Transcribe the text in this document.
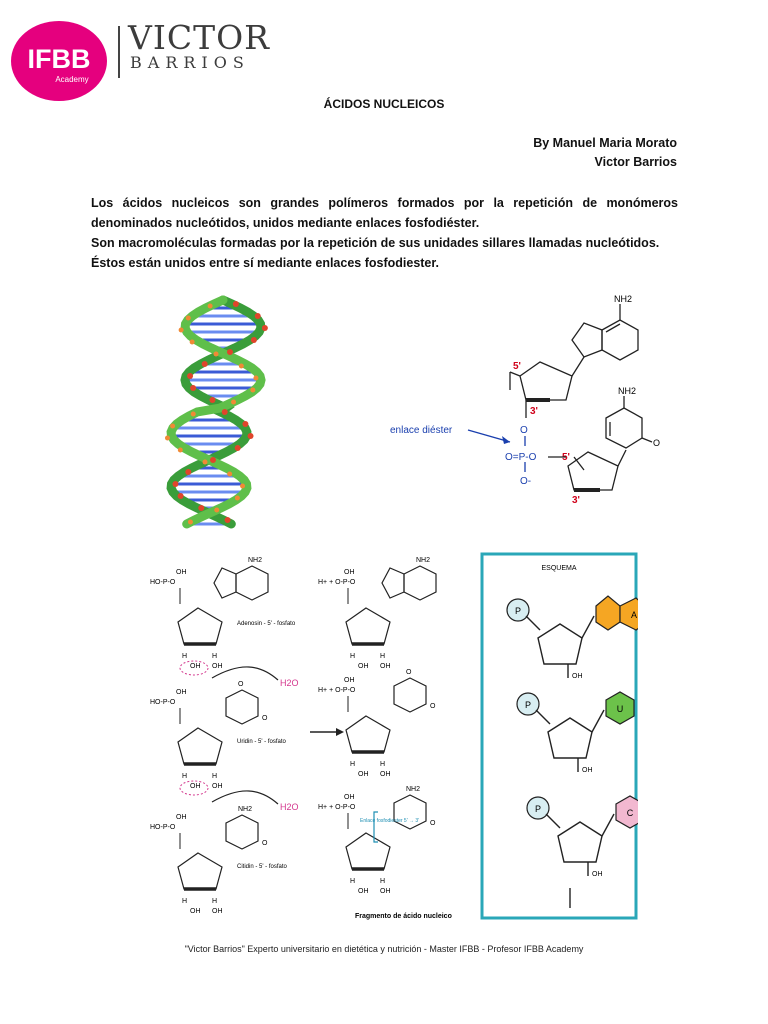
IFBB
Academy
VICTOR
BARRIOS
ÁCIDOS NUCLEICOS
By Manuel Maria Morato
Victor Barrios

Los ácidos nucleicos son grandes polímeros formados por la repetición de monómeros denominados nucleótidos, unidos mediante enlaces fosfodiéster.

Son macromoléculas formadas por la repetición de sus unidades sillares llamadas nucleótidos.

Éstos están unidos entre sí mediante enlaces fosfodiester.

NH2
5'
3'
O
O=P-O
O-
enlace diéster
5'
3'
NH2
O
HO-P-O
OH
H	H
OH OH
NH2
HO-P-O
OH
H	H
OH OH
O
O
HO-P-O
OH
H	H
OH OH
NH2
O
H+ + O-P-O
OH
H	H
OH OH
NH2
H+ + O-P-O
OH
H	H
OH OH
O
O
H+ + O-P-O
OH
H	H
OH OH
NH2
O
H2O
H2O
Adenosin - 5' - fosfato
Uridin - 5' - fosfato
Citidin - 5' - fosfato
Fragmento de ácido nucleico
Enlace fosfodiester 5' → 3'
ESQUEMA
P
OH
A
P
OH
U
P
OH
C
"Victor Barrios" Experto universitario en dietética y nutrición - Master IFBB - Profesor IFBB Academy
